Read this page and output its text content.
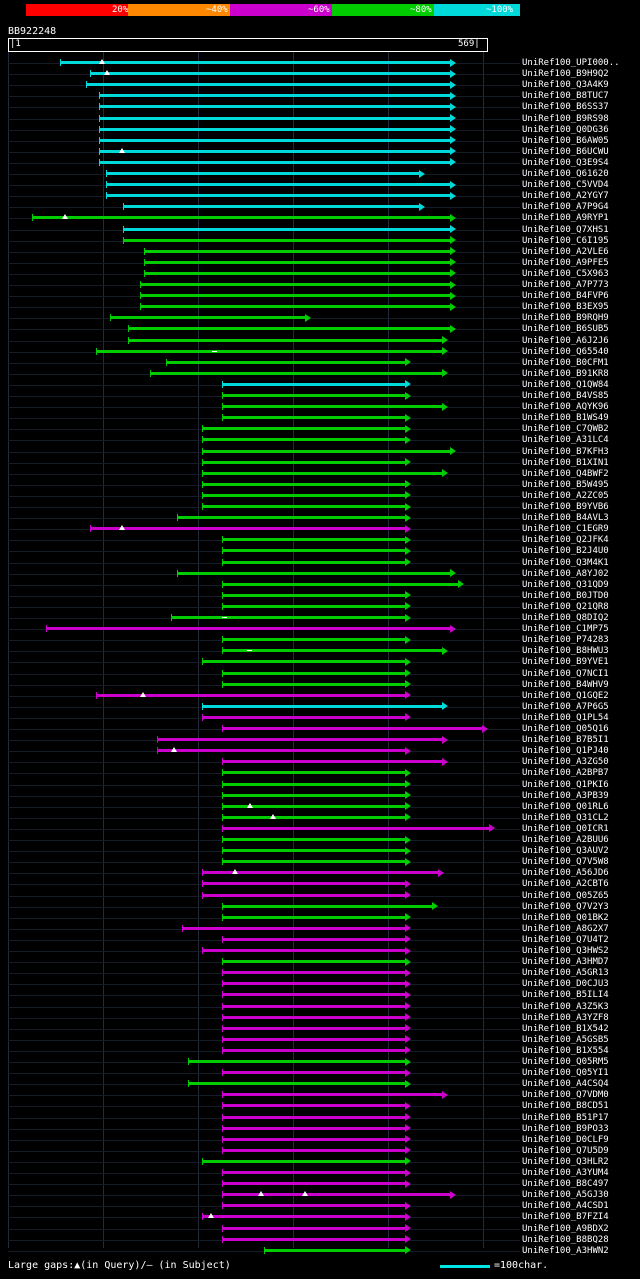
20%	~40%	~60%	~80%	~100%
BB922248
|1	569|
UniRef100_UPI000..
UniRef100_B9H9Q2
UniRef100_Q3A4K9
UniRef100_B8TUC7
UniRef100_B6SS37
UniRef100_B9RS98
UniRef100_Q0DG36
UniRef100_B6AW05
UniRef100_B6UCWU
UniRef100_Q3E9S4
UniRef100_Q61620
UniRef100_C5VVD4
UniRef100_A2YGY7
UniRef100_A7P9G4
UniRef100_A9RYP1
UniRef100_Q7XHS1
UniRef100_C6I195
UniRef100_A2VLE6
UniRef100_A9PFE5
UniRef100_C5X963
UniRef100_A7P773
UniRef100_B4FVP6
UniRef100_B3EX95
UniRef100_B9RQH9
UniRef100_B6SUB5
UniRef100_A6J2J6
UniRef100_Q65540
UniRef100_B0CFM1
UniRef100_B91KR8
UniRef100_Q1QW84
UniRef100_B4VS85
UniRef100_AQYK96
UniRef100_B1WS49
UniRef100_C7QWB2
UniRef100_A31LC4
UniRef100_B7KFH3
UniRef100_B1XIN1
UniRef100_Q4BWF2
UniRef100_B5W495
UniRef100_A2ZC05
UniRef100_B9YVB6
UniRef100_B4AVL3
UniRef100_C1EGR9
UniRef100_Q2JFK4
UniRef100_B2J4U0
UniRef100_Q3M4K1
UniRef100_A8YJ02
UniRef100_Q31QD9
UniRef100_B0JTD0
UniRef100_Q21QR8
UniRef100_Q8DIQ2
UniRef100_C1MP75
UniRef100_P74283
UniRef100_B8HWU3
UniRef100_B9YVE1
UniRef100_Q7NCI1
UniRef100_B4WHV9
UniRef100_Q1GQE2
UniRef100_A7P6G5
UniRef100_Q1PL54
UniRef100_Q05Q16
UniRef100_B7B5I1
UniRef100_Q1PJ40
UniRef100_A3ZG50
UniRef100_A2BPB7
UniRef100_Q1PKI6
UniRef100_A3PB39
UniRef100_Q01RL6
UniRef100_Q31CL2
UniRef100_Q0ICR1
UniRef100_A2BUU6
UniRef100_Q3AUV2
UniRef100_Q7V5W8
UniRef100_A56JD6
UniRef100_A2CBT6
UniRef100_Q05Z65
UniRef100_Q7V2Y3
UniRef100_Q01BK2
UniRef100_A8G2X7
UniRef100_Q7U4T2
UniRef100_Q3HWS2
UniRef100_A3HMD7
UniRef100_A5GR13
UniRef100_D0CJU3
UniRef100_B5ILI4
UniRef100_A3Z5K3
UniRef100_A3YZF8
UniRef100_B1X542
UniRef100_A5GSB5
UniRef100_B1X554
UniRef100_Q05RM5
UniRef100_Q05YI1
UniRef100_A4CSQ4
UniRef100_Q7VDM0
UniRef100_B8CD51
UniRef100_B51P17
UniRef100_B9PO33
UniRef100_D0CLF9
UniRef100_Q7U5D9
UniRef100_Q3HLR2
UniRef100_A3YUM4
UniRef100_B8C497
UniRef100_A5GJ30
UniRef100_A4CSD1
UniRef100_B7FZI4
UniRef100_A9BDX2
UniRef100_B8BQ28
UniRef100_A3HWN2
Large gaps:▲(in Query)/– (in Subject)	=100char.
